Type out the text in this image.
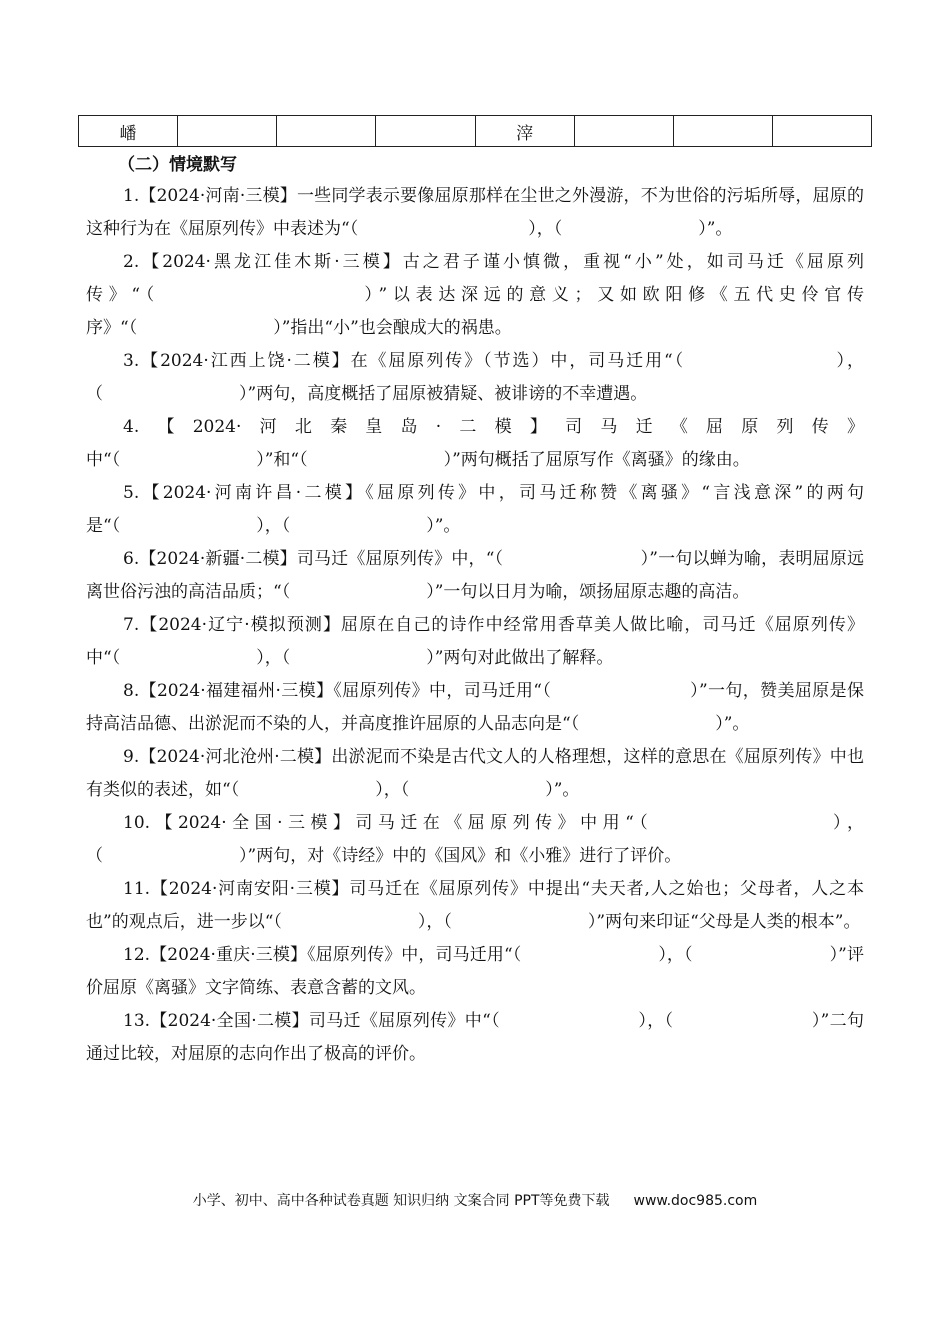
嶓	滓
（二）情境默写

1.【2024·河南·三模】一些同学表示要像屈原那样在尘世之外漫游，不为世俗的污垢所辱，屈原的这种行为在《屈原列传》中表述为“（　　　　　　　　　　），（　　　　　　　　）”。

2.【2024·黑龙江佳木斯·三模】古之君子谨小慎微，重视“小”处，如司马迁《屈原列传》“（　　　　　　　　　）”以表达深远的意义；又如欧阳修《五代史伶官传序》“（　　　　　　　　）”指出“小”也会酿成大的祸患。

3.【2024·江西上饶·二模】在《屈原列传》（节选）中，司马迁用“（　　　　　　　　），（　　　　　　　　）”两句，高度概括了屈原被猜疑、被诽谤的不幸遭遇。

4.【2024·河北秦皇岛·二模】司马迁《屈原列传》中“（　　　　　　　　）”和“（　　　　　　　　）”两句概括了屈原写作《离骚》的缘由。

5.【2024·河南许昌·二模】《屈原列传》中，司马迁称赞《离骚》“言浅意深”的两句是“（　　　　　　　　），（　　　　　　　　）”。

6.【2024·新疆·二模】司马迁《屈原列传》中，“（　　　　　　　　）”一句以蝉为喻，表明屈原远离世俗污浊的高洁品质；“（　　　　　　　　）”一句以日月为喻，颂扬屈原志趣的高洁。

7.【2024·辽宁·模拟预测】屈原在自己的诗作中经常用香草美人做比喻，司马迁《屈原列传》中“（　　　　　　　　），（　　　　　　　　）”两句对此做出了解释。

8.【2024·福建福州·三模】《屈原列传》中，司马迁用“（　　　　　　　　）”一句，赞美屈原是保持高洁品德、出淤泥而不染的人，并高度推许屈原的人品志向是“（　　　　　　　　）”。

9.【2024·河北沧州·二模】出淤泥而不染是古代文人的人格理想，这样的意思在《屈原列传》中也有类似的表述，如“（　　　　　　　　），（　　　　　　　　）”。

10.【2024·全国·三模】司马迁在《屈原列传》中用“（　　　　　　　　），（　　　　　　　　）”两句，对《诗经》中的《国风》和《小雅》进行了评价。

11.【2024·河南安阳·三模】司马迁在《屈原列传》中提出“夫天者,人之始也；父母者，人之本也”的观点后，进一步以“（　　　　　　　　），（　　　　　　　　）”两句来印证“父母是人类的根本”。

12.【2024·重庆·三模】《屈原列传》中，司马迁用“（　　　　　　　　），（　　　　　　　　）”评价屈原《离骚》文字简练、表意含蓄的文风。

13.【2024·全国·二模】司马迁《屈原列传》中“（　　　　　　　　），（　　　　　　　　）”二句通过比较，对屈原的志向作出了极高的评价。

小学、初中、高中各种试卷真题 知识归纳 文案合同 PPT等免费下载 www.doc985.com
